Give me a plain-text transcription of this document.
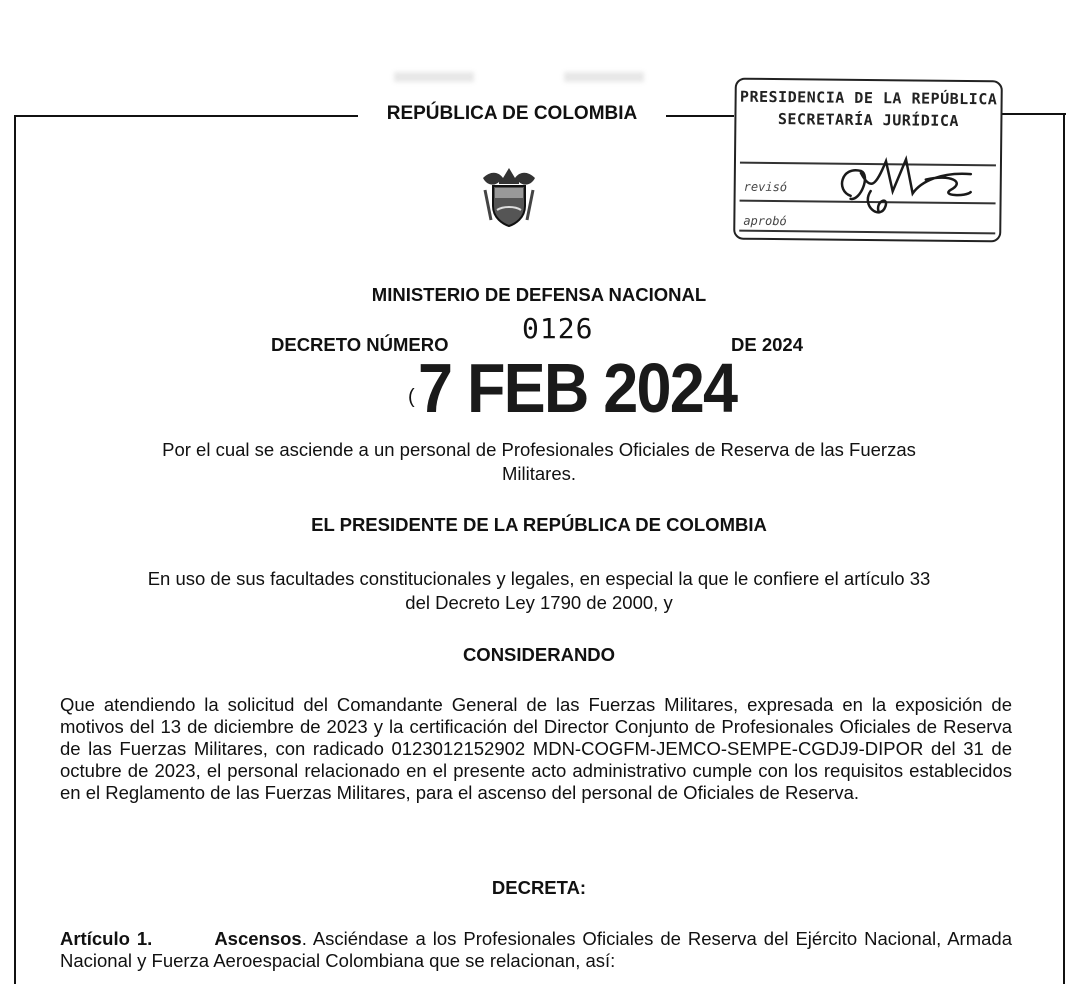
REPÚBLICA DE COLOMBIA
PRESIDENCIA DE LA REPÚBLICA
SECRETARÍA JURÍDICA
revisó
aprobó
MINISTERIO DE DEFENSA NACIONAL
DECRETO NÚMERO	0126	DE 2024
( 7 FEB 2024
Por el cual se asciende a un personal de Profesionales Oficiales de Reserva de las Fuerzas
Militares.
EL PRESIDENTE DE LA REPÚBLICA DE COLOMBIA
En uso de sus facultades constitucionales y legales, en especial la que le confiere el artículo 33
del Decreto Ley 1790 de 2000, y
CONSIDERANDO
Que atendiendo la solicitud del Comandante General de las Fuerzas Militares, expresada en la exposición de motivos del 13 de diciembre de 2023 y la certificación del Director Conjunto de Profesionales Oficiales de Reserva de las Fuerzas Militares, con radicado 0123012152902 MDN-COGFM-JEMCO-SEMPE-CGDJ9-DIPOR del 31 de octubre de 2023, el personal relacionado en el presente acto administrativo cumple con los requisitos establecidos en el Reglamento de las Fuerzas Militares, para el ascenso del personal de Oficiales de Reserva.
DECRETA:
Artículo 1.	Ascensos. Asciéndase a los Profesionales Oficiales de Reserva del Ejército Nacional, Armada Nacional y Fuerza Aeroespacial Colombiana que se relacionan, así:
